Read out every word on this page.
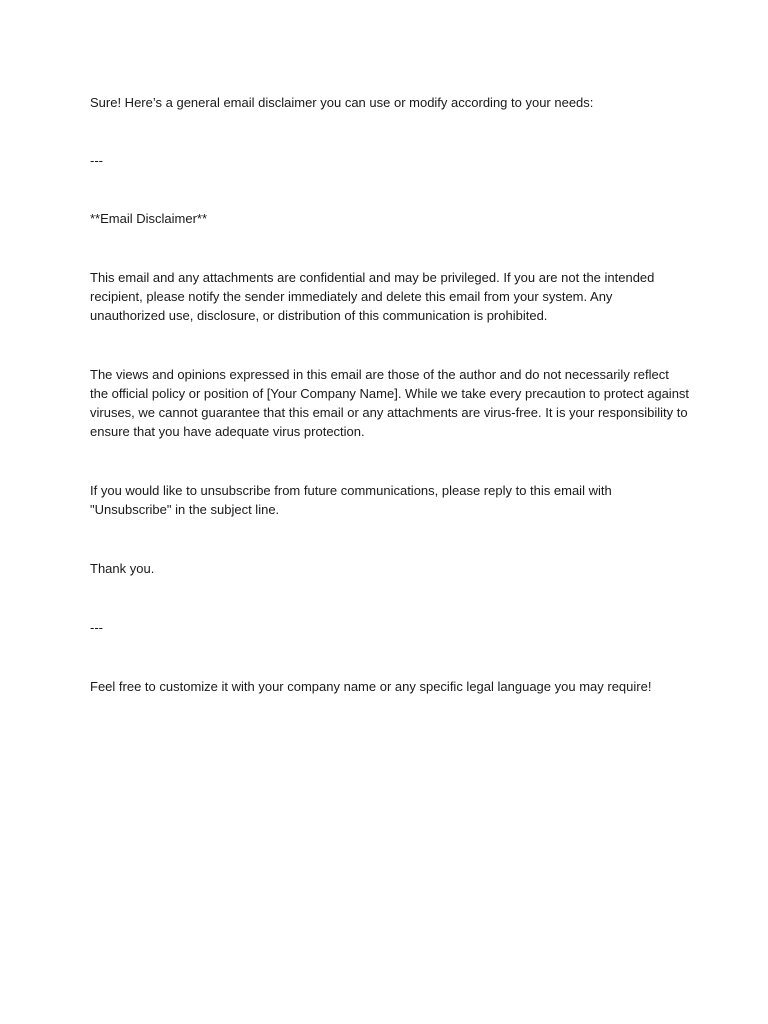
Sure! Here’s a general email disclaimer you can use or modify according to your needs:

---

**Email Disclaimer**

This email and any attachments are confidential and may be privileged. If you are not the intended recipient, please notify the sender immediately and delete this email from your system. Any unauthorized use, disclosure, or distribution of this communication is prohibited.

The views and opinions expressed in this email are those of the author and do not necessarily reflect the official policy or position of [Your Company Name]. While we take every precaution to protect against viruses, we cannot guarantee that this email or any attachments are virus-free. It is your responsibility to ensure that you have adequate virus protection.

If you would like to unsubscribe from future communications, please reply to this email with "Unsubscribe" in the subject line.

Thank you.

---

Feel free to customize it with your company name or any specific legal language you may require!
